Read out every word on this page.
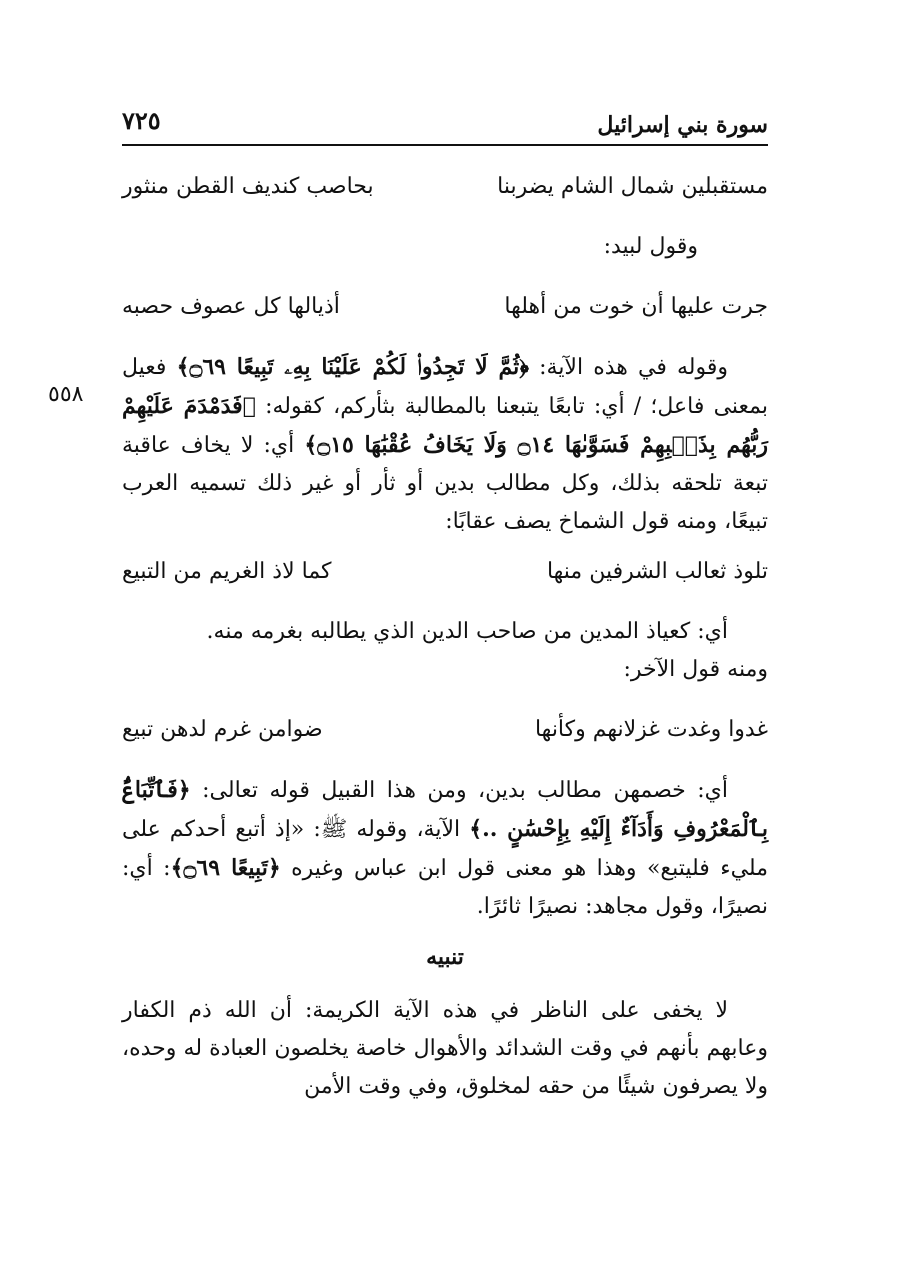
سورة بني إسرائيل
٧٢٥
٥٥٨
مستقبلين شمال الشام يضربنا
بحاصب كنديف القطن منثور
وقول لبيد:
جرت عليها أن خوت من أهلها
أذيالها كل عصوف حصبه

وقوله في هذه الآية: ﴿ثُمَّ لَا تَجِدُوا۟ لَكُمْ عَلَيْنَا بِهِۦ تَبِيعًا ۝٦٩﴾ فعيل بمعنى فاعل؛ / أي: تابعًا يتبعنا بالمطالبة بثأركم، كقوله: ﴿فَدَمْدَمَ عَلَيْهِمْ رَبُّهُم بِذَنۢبِهِمْ فَسَوَّىٰهَا ۝١٤ وَلَا يَخَافُ عُقْبَٰهَا ۝١٥﴾ أي: لا يخاف عاقبة تبعة تلحقه بذلك، وكل مطالب بدين أو ثأر أو غير ذلك تسميه العرب تبيعًا، ومنه قول الشماخ يصف عقابًا:

تلوذ ثعالب الشرفين منها
كما لاذ الغريم من التبيع

أي: كعياذ المدين من صاحب الدين الذي يطالبه بغرمه منه.

ومنه قول الآخر:

غدوا وغدت غزلانهم وكأنها
ضوامن غرم لدهن تبيع

أي: خصمهن مطالب بدين، ومن هذا القبيل قوله تعالى: ﴿فَٱتِّبَاعٌۢ بِٱلْمَعْرُوفِ وَأَدَآءٌ إِلَيْهِ بِإِحْسَٰنٍ ..﴾ الآية، وقوله ﷺ: «إذ أتبع أحدكم على مليء فليتبع» وهذا هو معنى قول ابن عباس وغيره ﴿تَبِيعًا ۝٦٩﴾: أي: نصيرًا، وقول مجاهد: نصيرًا ثائرًا.

تنبيه

لا يخفى على الناظر في هذه الآية الكريمة: أن الله ذم الكفار وعابهم بأنهم في وقت الشدائد والأهوال خاصة يخلصون العبادة له وحده، ولا يصرفون شيئًا من حقه لمخلوق، وفي وقت الأمن
